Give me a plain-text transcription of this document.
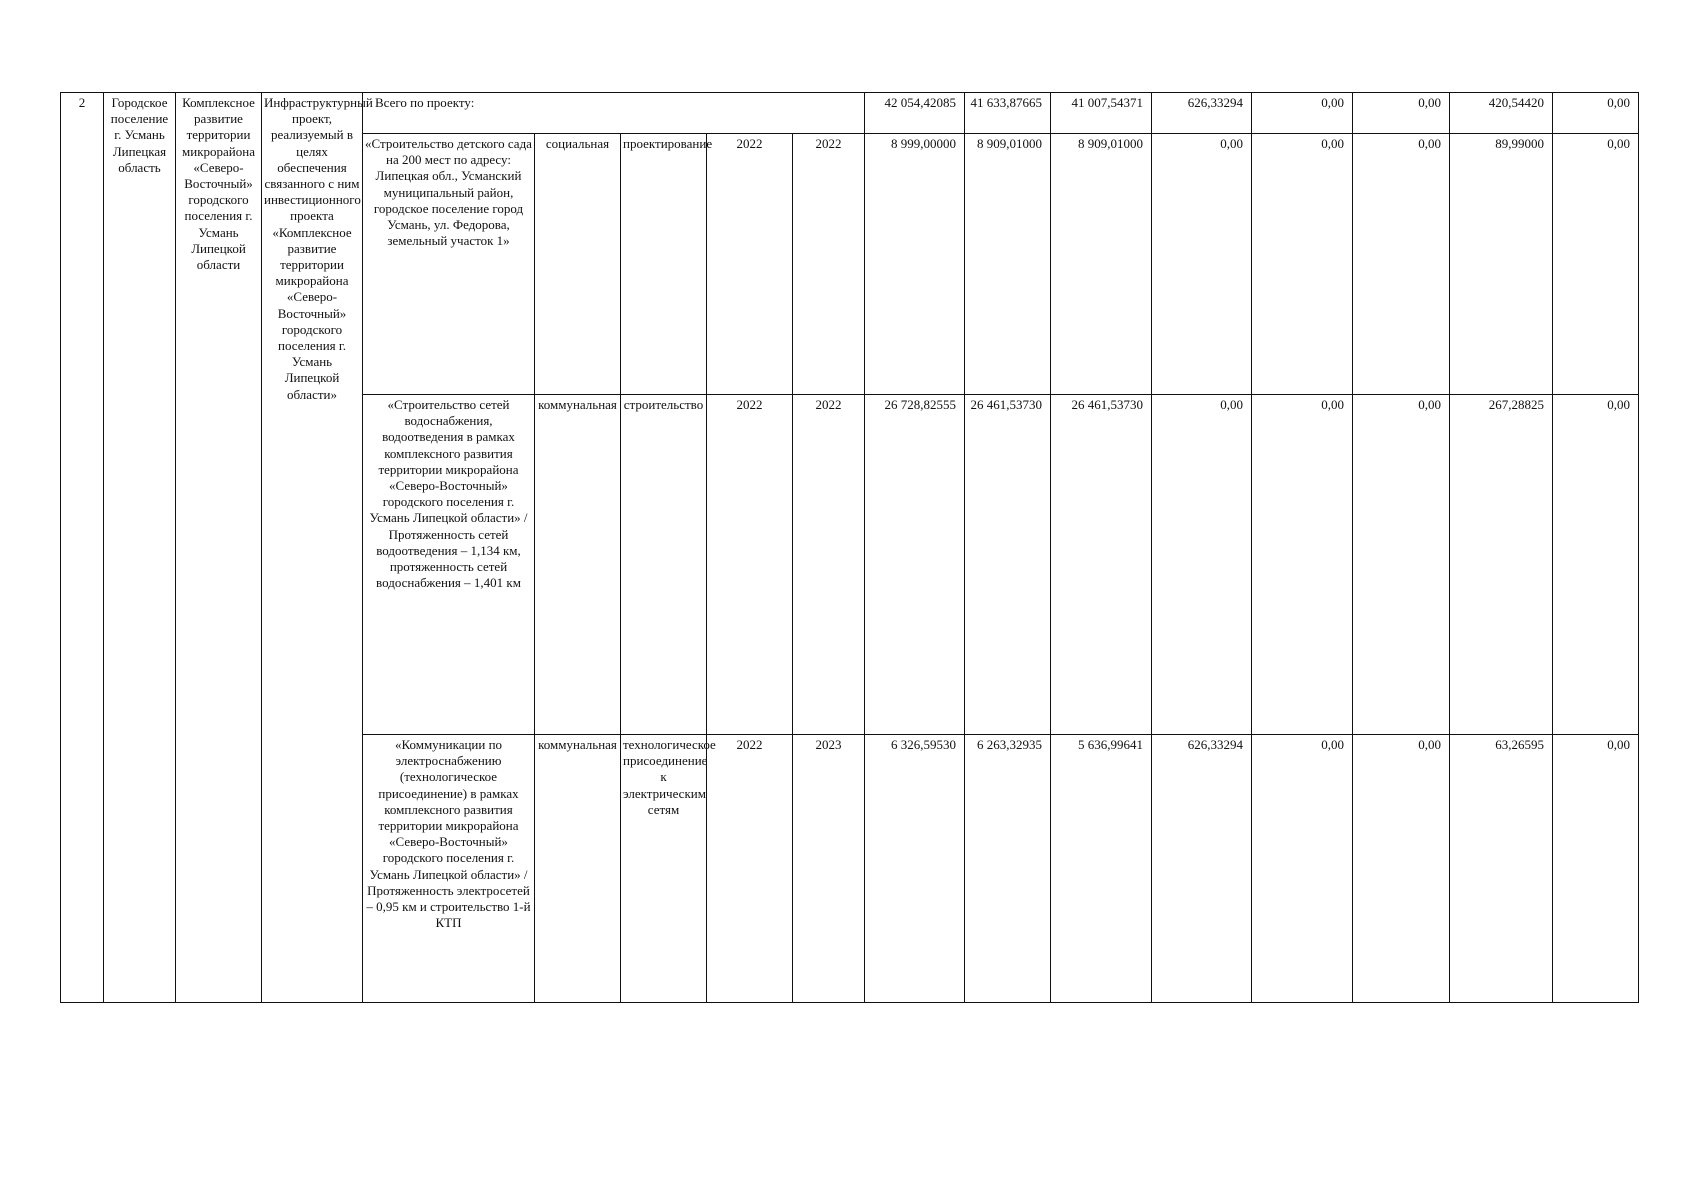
2	Городское поселение г. Усмань Липецкая область	Комплексное развитие территории микрорайона «Северо-Восточный» городского поселения г. Усмань Липецкой области	Инфраструктурный проект, реализуемый в целях обеспечения связанного с ним инвестиционного проекта «Комплексное развитие территории микрорайона «Северо-Восточный» городского поселения г. Усмань Липецкой области»	Всего по проекту:					42 054,42085	41 633,87665	41 007,54371	626,33294	0,00	0,00	420,54420	0,00
				«Строительство детского сада на 200 мест по адресу: Липецкая обл., Усманский муниципальный район, городское поселение город Усмань, ул. Федорова, земельный участок 1»	социальная	проектирование	2022	2022	8 999,00000	8 909,01000	8 909,01000	0,00	0,00	0,00	89,99000	0,00
				«Строительство сетей водоснабжения, водоотведения в рамках комплексного развития территории микрорайона «Северо-Восточный» городского поселения г. Усмань Липецкой области» / Протяженность сетей водоотведения – 1,134 км, протяженность сетей водоснабжения – 1,401 км	коммунальная	строительство	2022	2022	26 728,82555	26 461,53730	26 461,53730	0,00	0,00	0,00	267,28825	0,00
				«Коммуникации по электроснабжению (технологическое присоединение) в рамках комплексного развития территории микрорайона «Северо-Восточный» городского поселения г. Усмань Липецкой области» / Протяженность электросетей – 0,95 км и строительство 1-й КТП	коммунальная	технологическое присоединение к электрическим сетям	2022	2023	6 326,59530	6 263,32935	5 636,99641	626,33294	0,00	0,00	63,26595	0,00
